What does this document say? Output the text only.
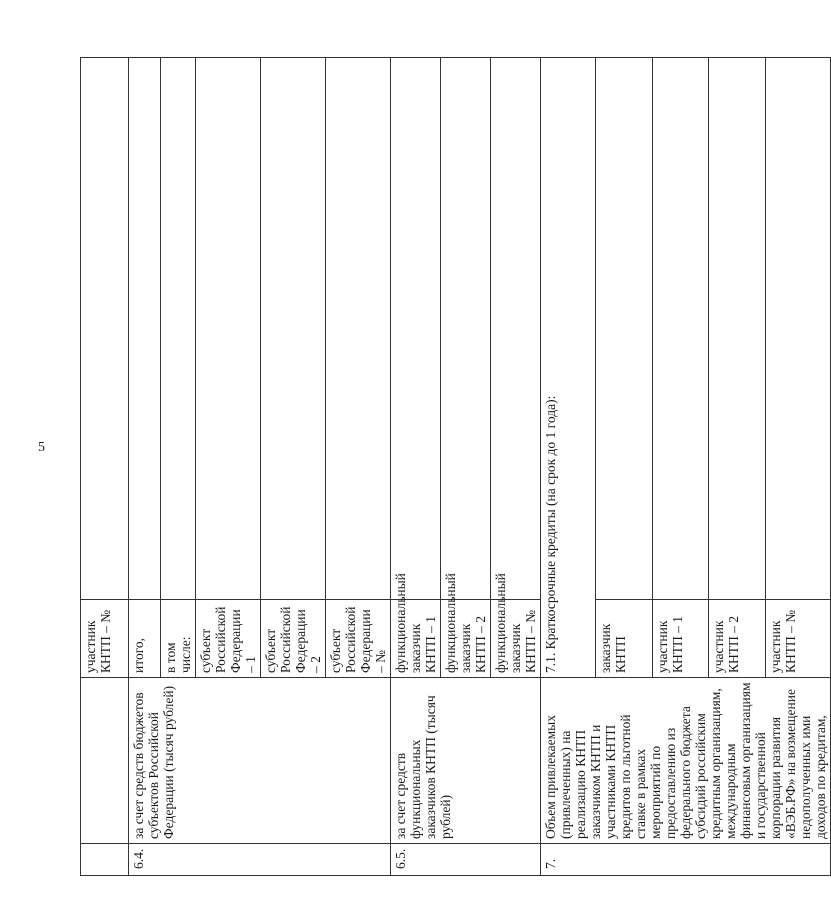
5
		участник КНТП – №	
6.4.	за счет средств бюджетов субъектов Российской Федерации (тысяч рублей)	итого,	
		в том числе:	
		субъект Российской Федерации – 1	
		субъект Российской Федерации – 2	
		субъект Российской Федерации – №	
6.5.	за счет средств функциональных заказчиков КНТП (тысяч рублей)	функциональный заказчик КНТП – 1	
		функциональный заказчик КНТП – 2	
		функциональный заказчик КНТП – №	
7.	Объем привлекаемых (привлеченных) на реализацию КНТП заказчиком КНТП и участниками КНТП кредитов по льготной ставке в рамках мероприятий по предоставлению из федерального бюджета субсидий российским кредитным организациям, международным финансовым организациям и государственной корпорации развития «ВЭБ.РФ» на возмещение недополученных ими доходов по кредитам,	7.1. Краткосрочные кредиты (на срок до 1 года):	
		заказчик КНТП	
		участник КНТП – 1	
		участник КНТП – 2	
		участник КНТП – №	
